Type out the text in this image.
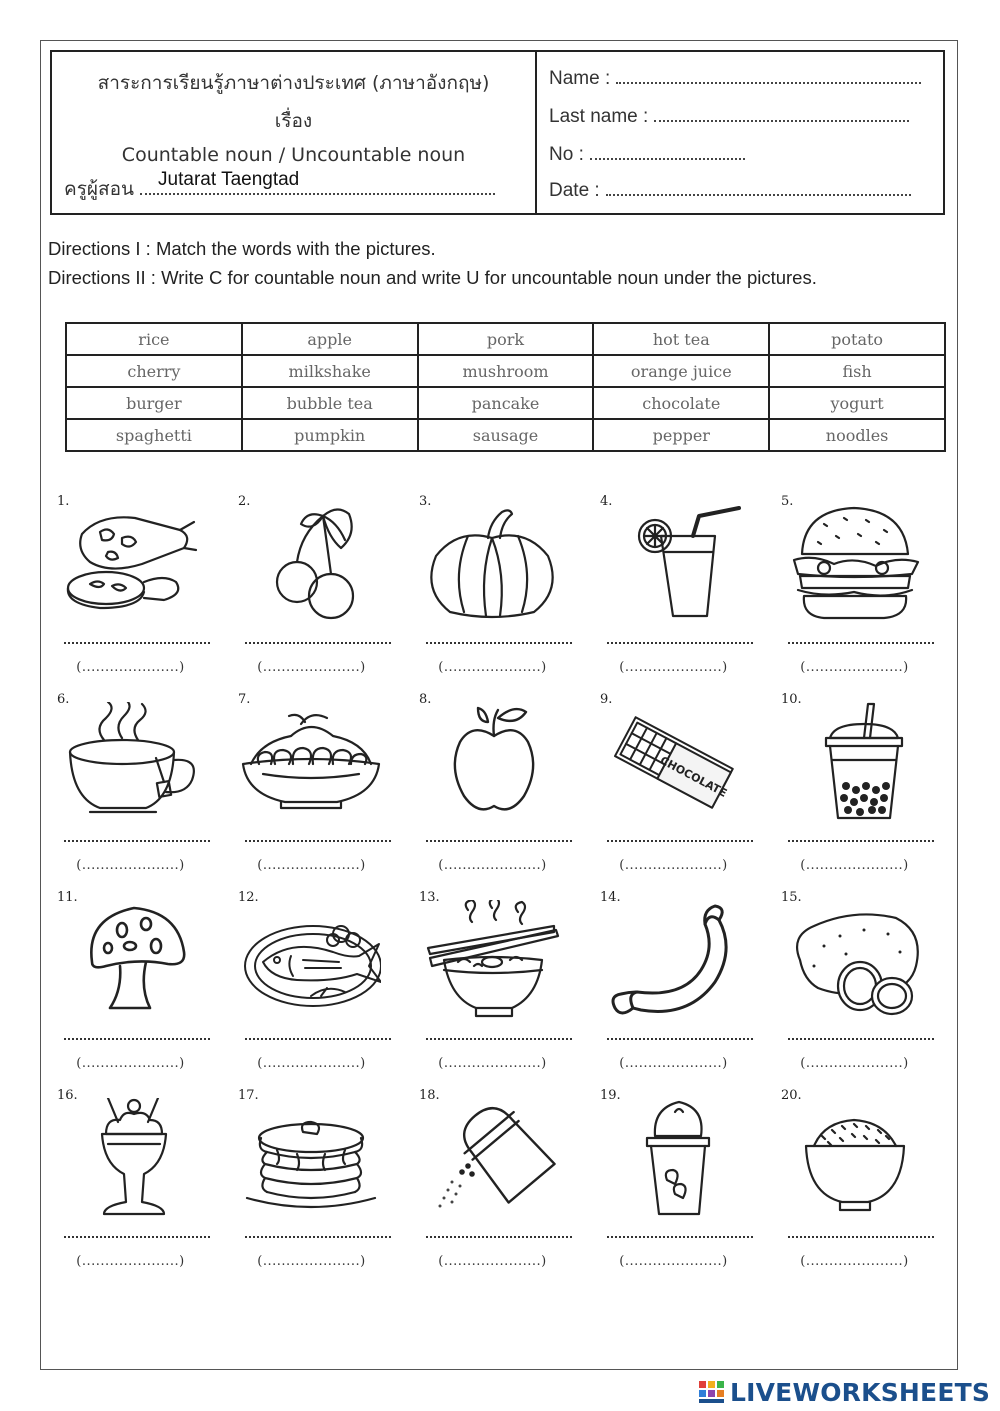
สาระการเรียนรู้ภาษาต่างประเทศ (ภาษาอังกฤษ)
เรื่อง
Countable noun / Uncountable noun
ครูผู้สอน Jutarat Taengtad
Name :
Last name :
No :
Date :
Directions I : Match the words with the pictures.
Directions II : Write C for countable noun and write U for uncountable noun under the pictures.
rice	apple	pork	hot tea	potato
cherry	milkshake	mushroom	orange juice	fish
burger	bubble tea	pancake	chocolate	yogurt
spaghetti	pumpkin	sausage	pepper	noodles
1.
(.....................)
2.
(.....................)
3.
(.....................)
4.
(.....................)
5.
(.....................)
6.
(.....................)
7.
(.....................)
8.
(.....................)
9.
CHOCOLATE
(.....................)
10.
(.....................)
11.
(.....................)
12.
(.....................)
13.
(.....................)
14.
(.....................)
15.
(.....................)
16.
(.....................)
17.
(.....................)
18.
(.....................)
19.
(.....................)
20.
(.....................)
LIVEWORKSHEETS
